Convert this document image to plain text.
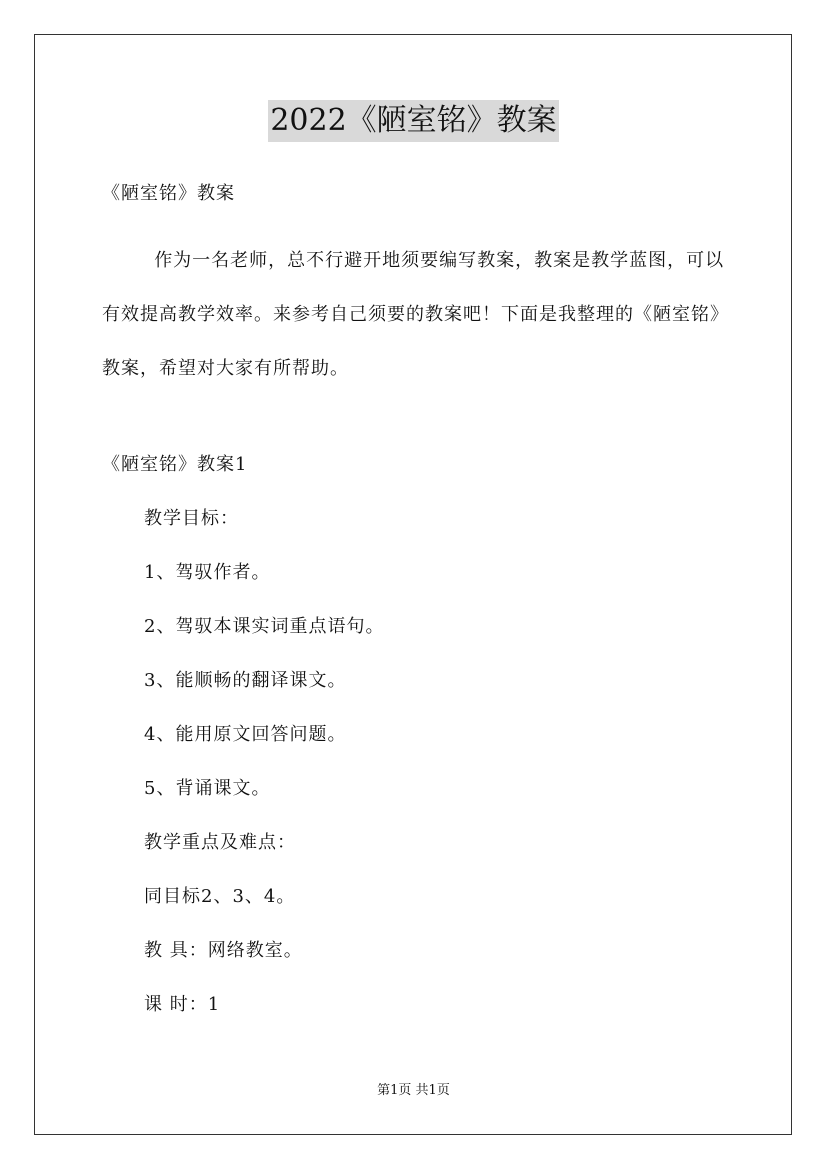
2022《陋室铭》教案
《陋室铭》教案
作为一名老师，总不行避开地须要编写教案，教案是教学蓝图，可以有效提高教学效率。来参考自己须要的教案吧！下面是我整理的《陋室铭》教案，希望对大家有所帮助。
《陋室铭》教案1
教学目标：
1、驾驭作者。
2、驾驭本课实词重点语句。
3、能顺畅的翻译课文。
4、能用原文回答问题。
5、背诵课文。
教学重点及难点：
同目标2、3、4。
教 具：网络教室。
课 时：1
第1页 共1页
